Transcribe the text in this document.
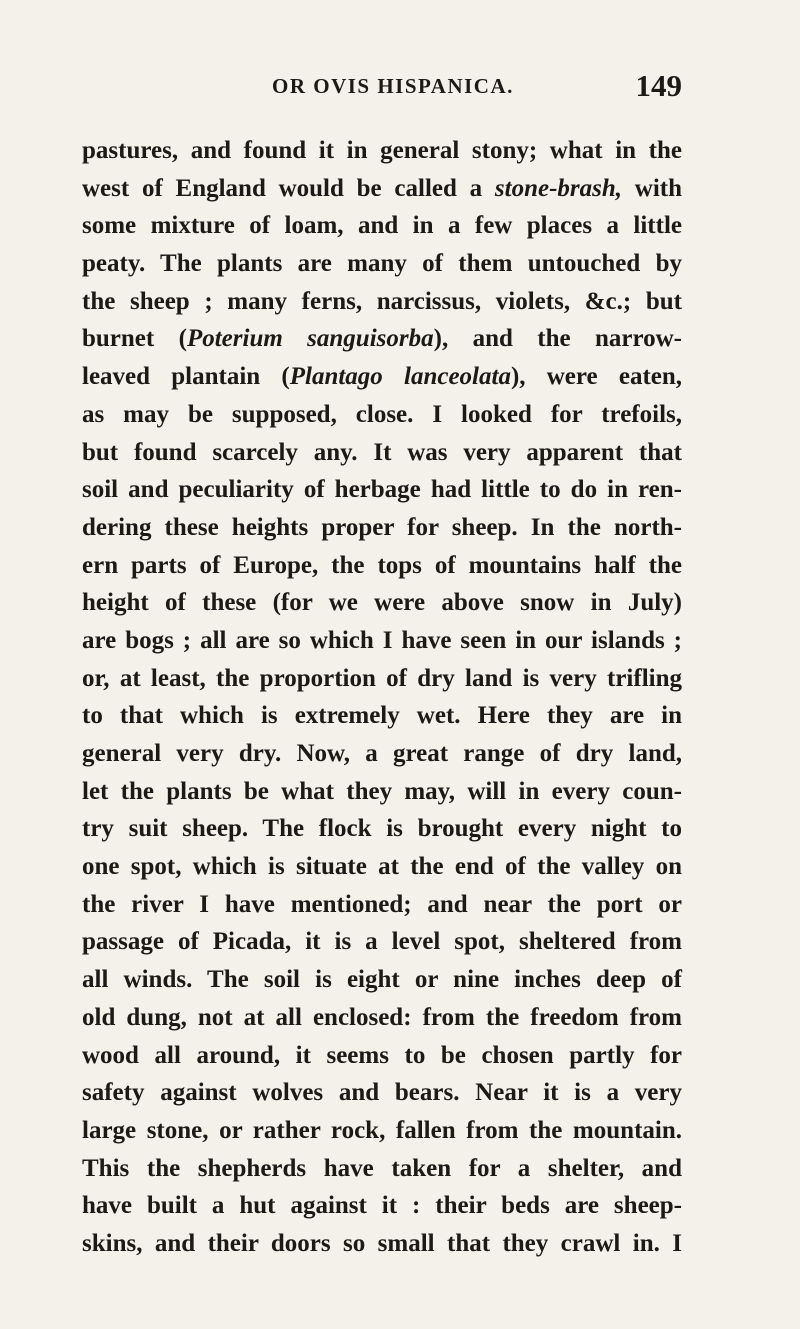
OR OVIS HISPANICA.	149
pastures, and found it in general stony; what in the
west of England would be called a stone-brash, with
some mixture of loam, and in a few places a little
peaty. The plants are many of them untouched by
the sheep ; many ferns, narcissus, violets, &c.; but
burnet (Poterium sanguisorba), and the narrow-
leaved plantain (Plantago lanceolata), were eaten,
as may be supposed, close. I looked for trefoils,
but found scarcely any. It was very apparent that
soil and peculiarity of herbage had little to do in ren-
dering these heights proper for sheep. In the north-
ern parts of Europe, the tops of mountains half the
height of these (for we were above snow in July)
are bogs ; all are so which I have seen in our islands ;
or, at least, the proportion of dry land is very trifling
to that which is extremely wet. Here they are in
general very dry. Now, a great range of dry land,
let the plants be what they may, will in every coun-
try suit sheep. The flock is brought every night to
one spot, which is situate at the end of the valley on
the river I have mentioned; and near the port or
passage of Picada, it is a level spot, sheltered from
all winds. The soil is eight or nine inches deep of
old dung, not at all enclosed: from the freedom from
wood all around, it seems to be chosen partly for
safety against wolves and bears. Near it is a very
large stone, or rather rock, fallen from the mountain.
This the shepherds have taken for a shelter, and
have built a hut against it : their beds are sheep-
skins, and their doors so small that they crawl in. I
